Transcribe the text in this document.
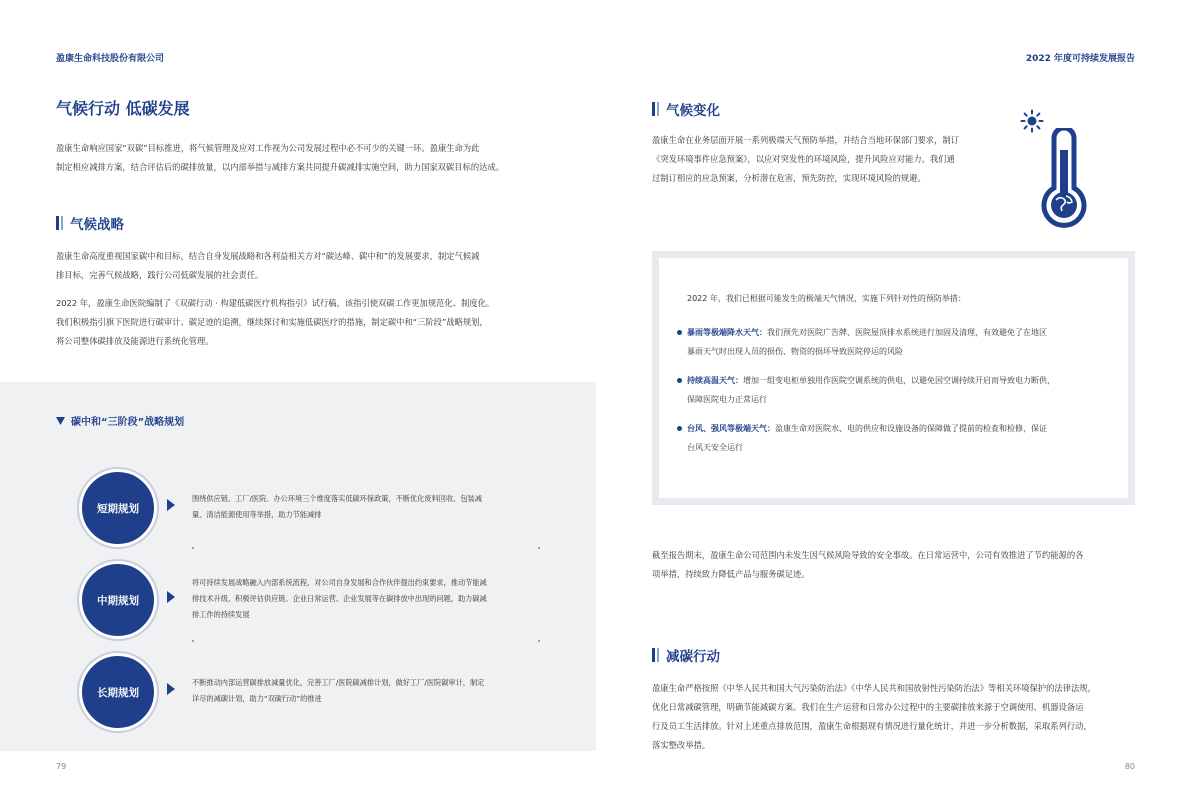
盈康生命科技股份有限公司	2022 年度可持续发展报告
气候行动 低碳发展
盈康生命响应国家“双碳”目标推进，将气候管理及应对工作视为公司发展过程中必不可少的关键一环。盈康生命为此
制定相应减排方案，结合评估后的碳排放量，以内部举措与减排方案共同提升碳减排实施空间，助力国家双碳目标的达成。
气候战略
盈康生命高度重视国家碳中和目标，结合自身发展战略和各利益相关方对“碳达峰、碳中和”的发展要求，制定气候减
排目标，完善气候战略，践行公司低碳发展的社会责任。
2022 年，盈康生命医院编制了《双碳行动 · 构建低碳医疗机构指引》试行稿，该指引使双碳工作更加规范化、制度化。
我们积极指引旗下医院进行碳审计、碳足迹的追溯，继续探讨和实施低碳医疗的措施，制定碳中和“三阶段”战略规划，
将公司整体碳排放及能源进行系统化管理。
碳中和“三阶段”战略规划
短期规划
围绕供应链、工厂/医院、办公环境三个维度落实低碳环保政策，不断优化废料回收、包装减
量、清洁能源使用等举措，助力节能减排
中期规划
将可持续发展战略融入内部系统流程，对公司自身发展和合作伙伴提出约束要求，推动节能减
排技术升级，积极评估供应链、企业日常运营、企业发展等在碳排放中出现的问题，助力碳减
排工作的持续发展
长期规划
不断推动内部运营碳排放减量优化，完善工厂/医院碳减排计划，做好工厂/医院碳审计，制定
详尽的减碳计划，助力“双碳行动”的推进
79
气候变化
盈康生命在业务层面开展一系列极端天气预防举措，并结合当地环保部门要求，制订
《突发环境事件应急预案》，以应对突发性的环境风险，提升风险应对能力。我们通
过制订相应的应急预案，分析潜在危害，预先防控，实现环境风险的规避。
2022 年，我们已根据可能发生的极端天气情况，实施下列针对性的预防举措：
暴雨等极端降水天气：我们预先对医院广告牌、医院屋顶排水系统进行加固及清理，有效避免了在地区
暴雨天气时出现人员的损伤、物资的损坏导致医院停运的风险
持续高温天气：增加一组变电柜单独用作医院空调系统的供电，以避免因空调持续开启而导致电力断供，
保障医院电力正常运行
台风、强风等极端天气：盈康生命对医院水、电的供应和设施设备的保障做了提前的检查和检修，保证
台风天安全运行
截至报告期末，盈康生命公司范围内未发生因气候风险导致的安全事故。在日常运营中，公司有效推进了节约能源的各
项举措，持续致力降低产品与服务碳足迹。
减碳行动
盈康生命严格按照《中华人民共和国大气污染防治法》《中华人民共和国放射性污染防治法》等相关环境保护的法律法规，
优化日常减碳管理，明确节能减碳方案。我们在生产运营和日常办公过程中的主要碳排放来源于空调使用、机器设备运
行及员工生活排放。针对上述重点排放范围，盈康生命根据现有情况进行量化统计，并进一步分析数据，采取系列行动，
落实整改举措。
80
